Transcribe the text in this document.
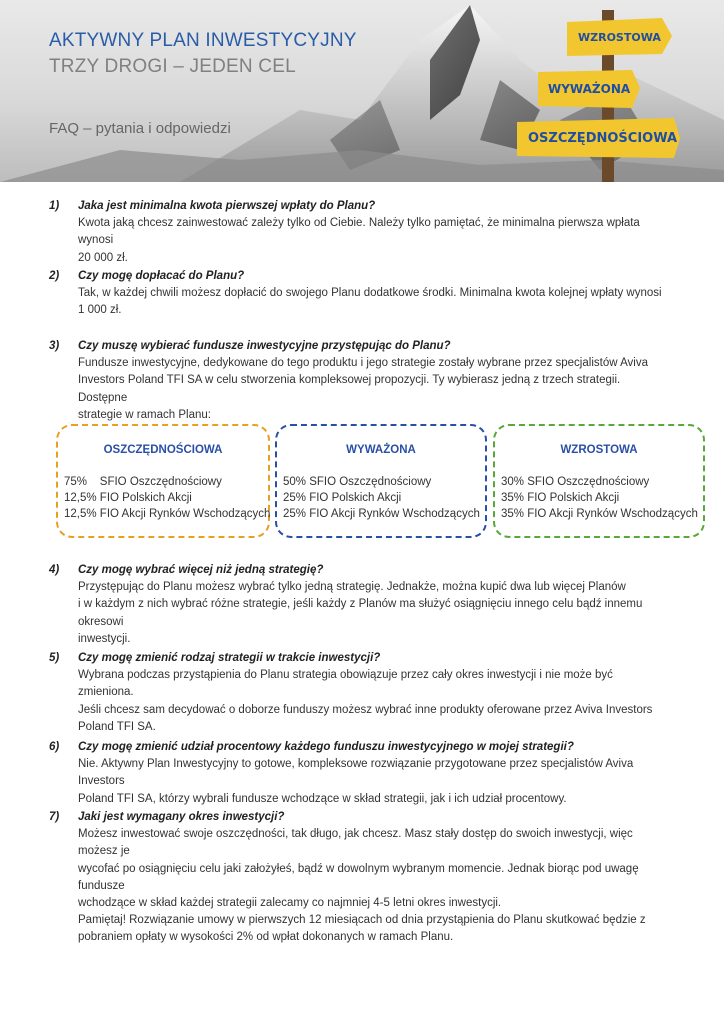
AKTYWNY PLAN INWESTYCYJNY
TRZY DROGI – JEDEN CEL
FAQ – pytania i odpowiedzi
WZROSTOWA
WYWAŻONA
OSZCZĘDNOŚCIOWA
1)	Jaka jest minimalna kwota pierwszej wpłaty do Planu?

Kwota jaką chcesz zainwestować zależy tylko od Ciebie. Należy tylko pamiętać, że minimalna pierwsza wpłata wynosi

20 000 zł.

2)	Czy mogę dopłacać do Planu?

Tak, w każdej chwili możesz dopłacić do swojego Planu dodatkowe środki. Minimalna kwota kolejnej wpłaty wynosi

1 000 zł.

3)	Czy muszę wybierać fundusze inwestycyjne przystępując do Planu?

Fundusze inwestycyjne, dedykowane do tego produktu i jego strategie zostały wybrane przez specjalistów Aviva

Investors Poland TFI SA w celu stworzenia kompleksowej propozycji. Ty wybierasz jedną z trzech strategii. Dostępne

strategie w ramach Planu:

OSZCZĘDNOŚCIOWA
75%    SFIO Oszczędnościowy
12,5% FIO Polskich Akcji
12,5% FIO Akcji Rynków Wschodzących
WYWAŻONA
50% SFIO Oszczędnościowy
25% FIO Polskich Akcji
25% FIO Akcji Rynków Wschodzących
WZROSTOWA
30% SFIO Oszczędnościowy
35% FIO Polskich Akcji
35% FIO Akcji Rynków Wschodzących
4)	Czy mogę wybrać więcej niż jedną strategię?

Przystępując do Planu możesz wybrać tylko jedną strategię. Jednakże, można kupić dwa lub więcej Planów

i w każdym z nich wybrać różne strategie, jeśli każdy z Planów ma służyć osiągnięciu innego celu bądź innemu okresowi

inwestycji.

5)	Czy mogę zmienić rodzaj strategii w trakcie inwestycji?

Wybrana podczas przystąpienia do Planu strategia obowiązuje przez cały okres inwestycji i nie może być zmieniona.

Jeśli chcesz sam decydować o doborze funduszy możesz wybrać inne produkty oferowane przez Aviva Investors

Poland TFI SA.

6)	Czy mogę zmienić udział procentowy każdego funduszu inwestycyjnego w mojej strategii?

Nie. Aktywny Plan Inwestycyjny to gotowe, kompleksowe rozwiązanie przygotowane przez specjalistów Aviva Investors

Poland TFI SA, którzy wybrali fundusze wchodzące w skład strategii, jak i ich udział procentowy.

7)	Jaki jest wymagany okres inwestycji?

Możesz inwestować swoje oszczędności, tak długo, jak chcesz. Masz stały dostęp do swoich inwestycji, więc możesz je

wycofać po osiągnięciu celu jaki założyłeś, bądź w dowolnym wybranym momencie. Jednak biorąc pod uwagę fundusze

wchodzące w skład każdej strategii zalecamy co najmniej 4-5 letni okres inwestycji.

Pamiętaj! Rozwiązanie umowy w pierwszych 12 miesiącach od dnia przystąpienia do Planu skutkować będzie z

pobraniem opłaty w wysokości 2% od wpłat dokonanych w ramach Planu.
